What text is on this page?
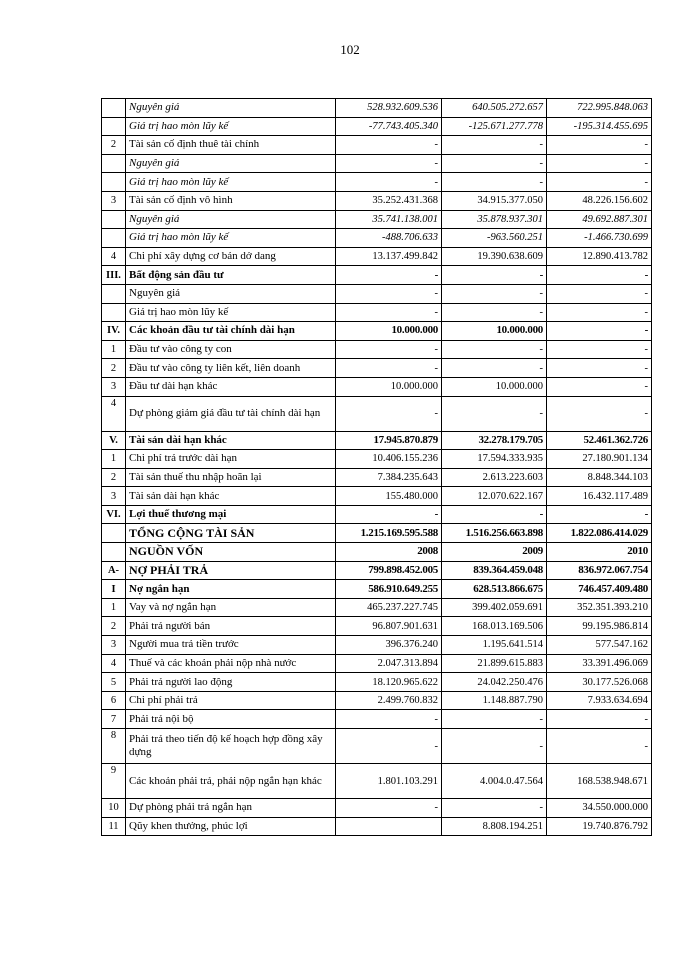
102
	Nguyên giá	528.932.609.536	640.505.272.657	722.995.848.063
	Giá trị hao mòn lũy kế	-77.743.405.340	-125.671.277.778	-195.314.455.695
2	Tài sản cố định thuê tài chính	-	-	-
	Nguyên giá	-	-	-
	Giá trị hao mòn lũy kế	-	-	-
3	Tài sản cố định vô hình	35.252.431.368	34.915.377.050	48.226.156.602
	Nguyên giá	35.741.138.001	35.878.937.301	49.692.887.301
	Giá trị hao mòn lũy kế	-488.706.633	-963.560.251	-1.466.730.699
4	Chi phí xây dựng cơ bản dở dang	13.137.499.842	19.390.638.609	12.890.413.782
III.	Bất động sản đầu tư	-	-	-
	Nguyên giá	-	-	-
	Giá trị hao mòn lũy kế	-	-	-
IV.	Các khoản đầu tư tài chính dài hạn	10.000.000	10.000.000	-
1	Đầu tư vào công ty con	-	-	-
2	Đầu tư vào công ty liên kết, liên doanh	-	-	-
3	Đầu tư dài hạn khác	10.000.000	10.000.000	-
4	Dự phòng giảm giá đầu tư tài chính dài hạn	-	-	-
V.	Tài sản dài hạn khác	17.945.870.879	32.278.179.705	52.461.362.726
1	Chi phí trả trước dài hạn	10.406.155.236	17.594.333.935	27.180.901.134
2	Tài sản thuế thu nhập hoãn lại	7.384.235.643	2.613.223.603	8.848.344.103
3	Tài sản dài hạn khác	155.480.000	12.070.622.167	16.432.117.489
VI.	Lợi thuế thương mại	-	-	-
	TỔNG CỘNG TÀI SẢN	1.215.169.595.588	1.516.256.663.898	1.822.086.414.029
	NGUỒN VỐN	2008	2009	2010
A-	NỢ PHẢI TRẢ	799.898.452.005	839.364.459.048	836.972.067.754
I	Nợ ngắn hạn	586.910.649.255	628.513.866.675	746.457.409.480
1	Vay và nợ ngắn hạn	465.237.227.745	399.402.059.691	352.351.393.210
2	Phải trả người bán	96.807.901.631	168.013.169.506	99.195.986.814
3	Người mua trả tiền trước	396.376.240	1.195.641.514	577.547.162
4	Thuế và các khoản phải nộp nhà nước	2.047.313.894	21.899.615.883	33.391.496.069
5	Phải trả người lao động	18.120.965.622	24.042.250.476	30.177.526.068
6	Chi phí phải trả	2.499.760.832	1.148.887.790	7.933.634.694
7	Phải trả nội bộ	-	-	-
8	Phải trả theo tiến độ kế hoạch hợp đồng xây dựng	-	-	-
9	Các khoản phải trả, phải nộp ngắn hạn khác	1.801.103.291	4.004.0.47.564	168.538.948.671
10	Dự phòng phải trả ngắn hạn	-	-	34.550.000.000
11	Qũy khen thưởng, phúc lợi		8.808.194.251	19.740.876.792
